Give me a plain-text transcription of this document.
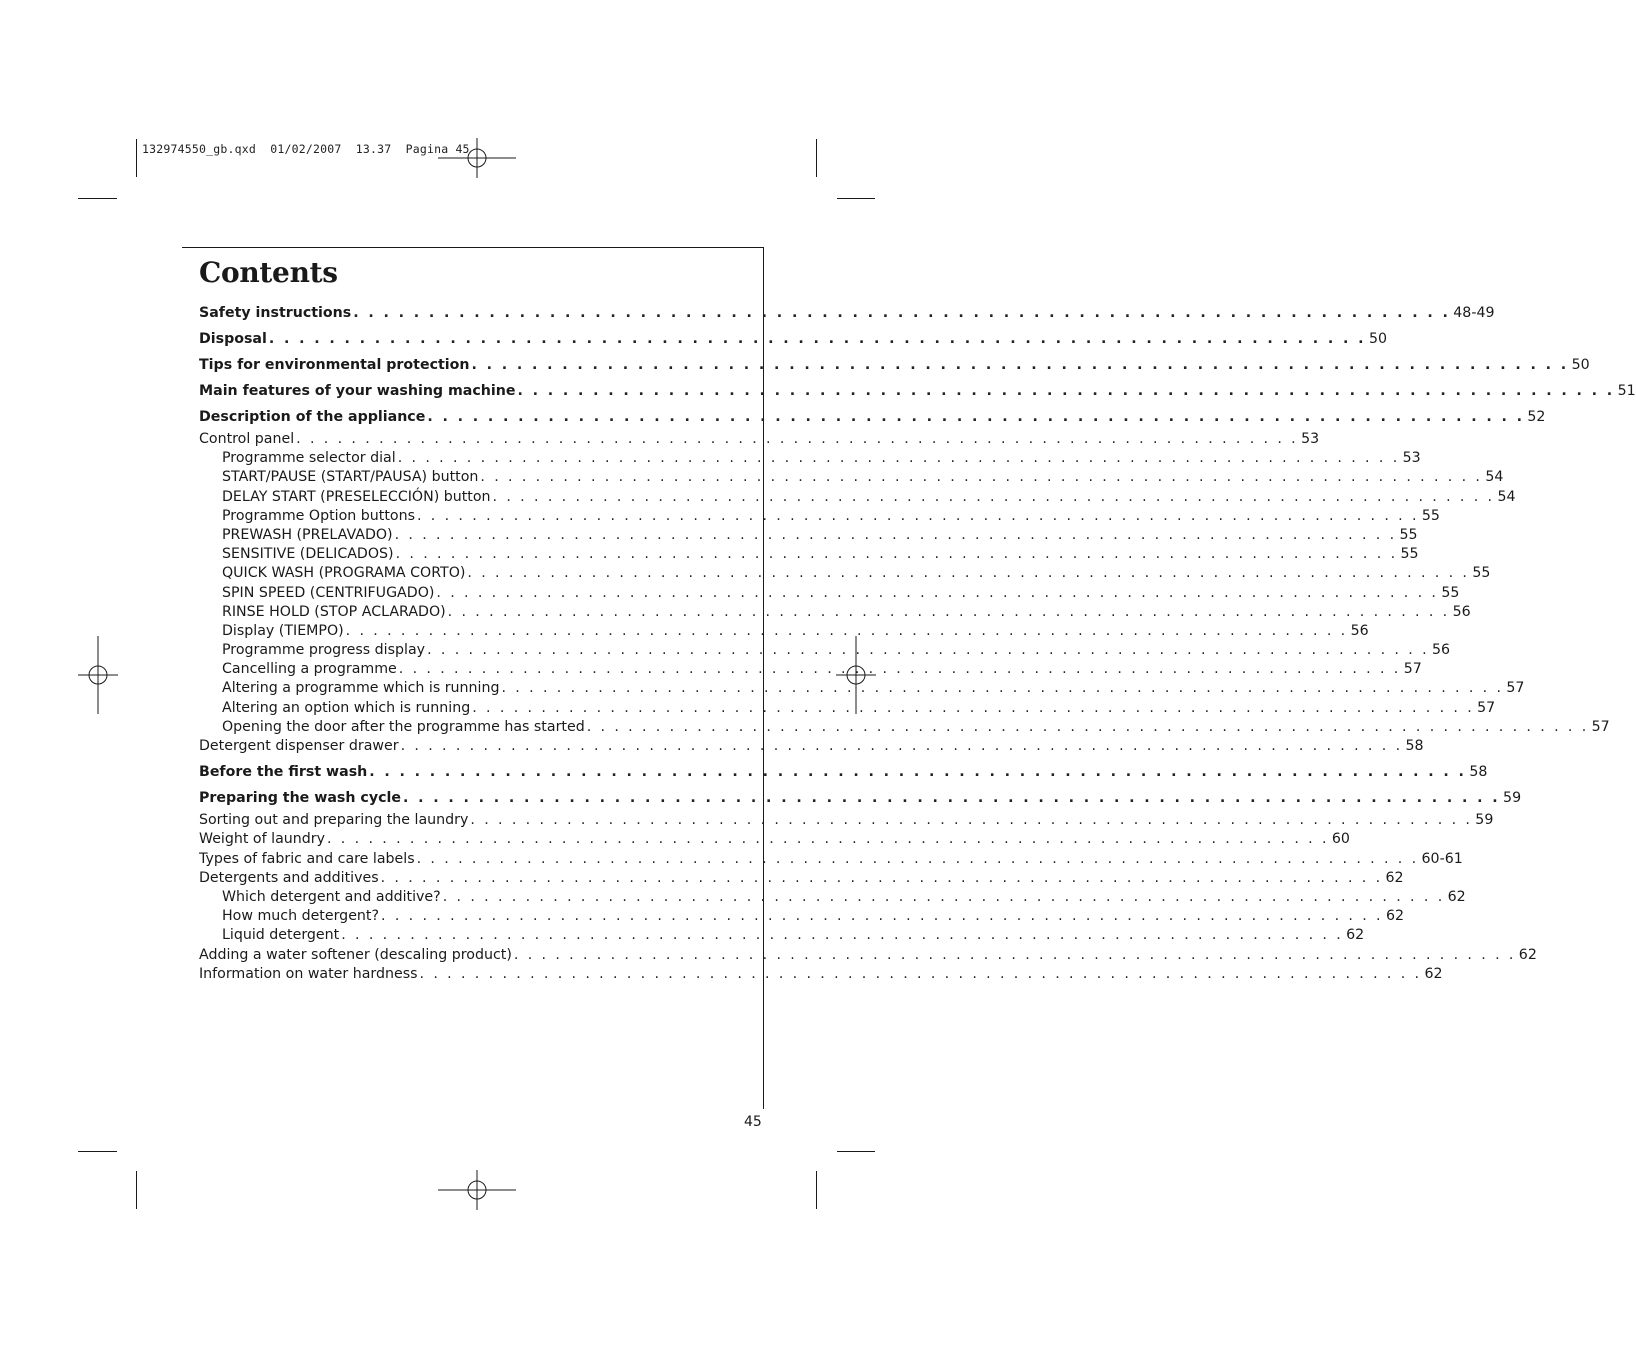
132974550_gb.qxd  01/02/2007  13.37  Pagina 45
Contents
Safety instructions . . . . . . . . . . . . . . . . . . . . . . . . . . . . . . . . . . . . . . . . . . . . . . . . . . . . . . . . . . . . . . . . . . . . . . . . . 48-49
Disposal . . . . . . . . . . . . . . . . . . . . . . . . . . . . . . . . . . . . . . . . . . . . . . . . . . . . . . . . . . . . . . . . . . . . . . . . . 50
Tips for environmental protection . . . . . . . . . . . . . . . . . . . . . . . . . . . . . . . . . . . . . . . . . . . . . . . . . . . . . . . . . . . . . . . . . . . . . . . . . 50
Main features of your washing machine . . . . . . . . . . . . . . . . . . . . . . . . . . . . . . . . . . . . . . . . . . . . . . . . . . . . . . . . . . . . . . . . . . . . . . . . . 51
Description of the appliance . . . . . . . . . . . . . . . . . . . . . . . . . . . . . . . . . . . . . . . . . . . . . . . . . . . . . . . . . . . . . . . . . . . . . . . . . 52
Control panel . . . . . . . . . . . . . . . . . . . . . . . . . . . . . . . . . . . . . . . . . . . . . . . . . . . . . . . . . . . . . . . . . . . . . . . . . 53
Programme selector dial . . . . . . . . . . . . . . . . . . . . . . . . . . . . . . . . . . . . . . . . . . . . . . . . . . . . . . . . . . . . . . . . . . . . . . . . . 53
START/PAUSE (START/PAUSA) button . . . . . . . . . . . . . . . . . . . . . . . . . . . . . . . . . . . . . . . . . . . . . . . . . . . . . . . . . . . . . . . . . . . . . . . . . 54
DELAY START (PRESELECCIÓN) button . . . . . . . . . . . . . . . . . . . . . . . . . . . . . . . . . . . . . . . . . . . . . . . . . . . . . . . . . . . . . . . . . . . . . . . . . 54
Programme Option buttons . . . . . . . . . . . . . . . . . . . . . . . . . . . . . . . . . . . . . . . . . . . . . . . . . . . . . . . . . . . . . . . . . . . . . . . . . 55
PREWASH (PRELAVADO) . . . . . . . . . . . . . . . . . . . . . . . . . . . . . . . . . . . . . . . . . . . . . . . . . . . . . . . . . . . . . . . . . . . . . . . . . 55
SENSITIVE (DELICADOS) . . . . . . . . . . . . . . . . . . . . . . . . . . . . . . . . . . . . . . . . . . . . . . . . . . . . . . . . . . . . . . . . . . . . . . . . . 55
QUICK WASH (PROGRAMA CORTO) . . . . . . . . . . . . . . . . . . . . . . . . . . . . . . . . . . . . . . . . . . . . . . . . . . . . . . . . . . . . . . . . . . . . . . . . . 55
SPIN SPEED (CENTRIFUGADO) . . . . . . . . . . . . . . . . . . . . . . . . . . . . . . . . . . . . . . . . . . . . . . . . . . . . . . . . . . . . . . . . . . . . . . . . . 55
RINSE HOLD (STOP ACLARADO) . . . . . . . . . . . . . . . . . . . . . . . . . . . . . . . . . . . . . . . . . . . . . . . . . . . . . . . . . . . . . . . . . . . . . . . . . 56
Display (TIEMPO) . . . . . . . . . . . . . . . . . . . . . . . . . . . . . . . . . . . . . . . . . . . . . . . . . . . . . . . . . . . . . . . . . . . . . . . . . 56
Programme progress display . . . . . . . . . . . . . . . . . . . . . . . . . . . . . . . . . . . . . . . . . . . . . . . . . . . . . . . . . . . . . . . . . . . . . . . . . 56
Cancelling a programme . . . . . . . . . . . . . . . . . . . . . . . . . . . . . . . . . . . . . . . . . . . . . . . . . . . . . . . . . . . . . . . . . . . . . . . . . 57
Altering a programme which is running . . . . . . . . . . . . . . . . . . . . . . . . . . . . . . . . . . . . . . . . . . . . . . . . . . . . . . . . . . . . . . . . . . . . . . . . . 57
Altering an option which is running . . . . . . . . . . . . . . . . . . . . . . . . . . . . . . . . . . . . . . . . . . . . . . . . . . . . . . . . . . . . . . . . . . . . . . . . . 57
Opening the door after the programme has started . . . . . . . . . . . . . . . . . . . . . . . . . . . . . . . . . . . . . . . . . . . . . . . . . . . . . . . . . . . . . . . . . . . . . . . . . 57
Detergent dispenser drawer . . . . . . . . . . . . . . . . . . . . . . . . . . . . . . . . . . . . . . . . . . . . . . . . . . . . . . . . . . . . . . . . . . . . . . . . . 58
Before the first wash . . . . . . . . . . . . . . . . . . . . . . . . . . . . . . . . . . . . . . . . . . . . . . . . . . . . . . . . . . . . . . . . . . . . . . . . . 58
Preparing the wash cycle . . . . . . . . . . . . . . . . . . . . . . . . . . . . . . . . . . . . . . . . . . . . . . . . . . . . . . . . . . . . . . . . . . . . . . . . . 59
Sorting out and preparing the laundry . . . . . . . . . . . . . . . . . . . . . . . . . . . . . . . . . . . . . . . . . . . . . . . . . . . . . . . . . . . . . . . . . . . . . . . . . 59
Weight of laundry . . . . . . . . . . . . . . . . . . . . . . . . . . . . . . . . . . . . . . . . . . . . . . . . . . . . . . . . . . . . . . . . . . . . . . . . . 60
Types of fabric and care labels . . . . . . . . . . . . . . . . . . . . . . . . . . . . . . . . . . . . . . . . . . . . . . . . . . . . . . . . . . . . . . . . . . . . . . . . . 60-61
Detergents and additives . . . . . . . . . . . . . . . . . . . . . . . . . . . . . . . . . . . . . . . . . . . . . . . . . . . . . . . . . . . . . . . . . . . . . . . . . 62
Which detergent and additive? . . . . . . . . . . . . . . . . . . . . . . . . . . . . . . . . . . . . . . . . . . . . . . . . . . . . . . . . . . . . . . . . . . . . . . . . . 62
How much detergent? . . . . . . . . . . . . . . . . . . . . . . . . . . . . . . . . . . . . . . . . . . . . . . . . . . . . . . . . . . . . . . . . . . . . . . . . . 62
Liquid detergent . . . . . . . . . . . . . . . . . . . . . . . . . . . . . . . . . . . . . . . . . . . . . . . . . . . . . . . . . . . . . . . . . . . . . . . . . 62
Adding a water softener (descaling product) . . . . . . . . . . . . . . . . . . . . . . . . . . . . . . . . . . . . . . . . . . . . . . . . . . . . . . . . . . . . . . . . . . . . . . . . . 62
Information on water hardness . . . . . . . . . . . . . . . . . . . . . . . . . . . . . . . . . . . . . . . . . . . . . . . . . . . . . . . . . . . . . . . . . . . . . . . . . 62
45
